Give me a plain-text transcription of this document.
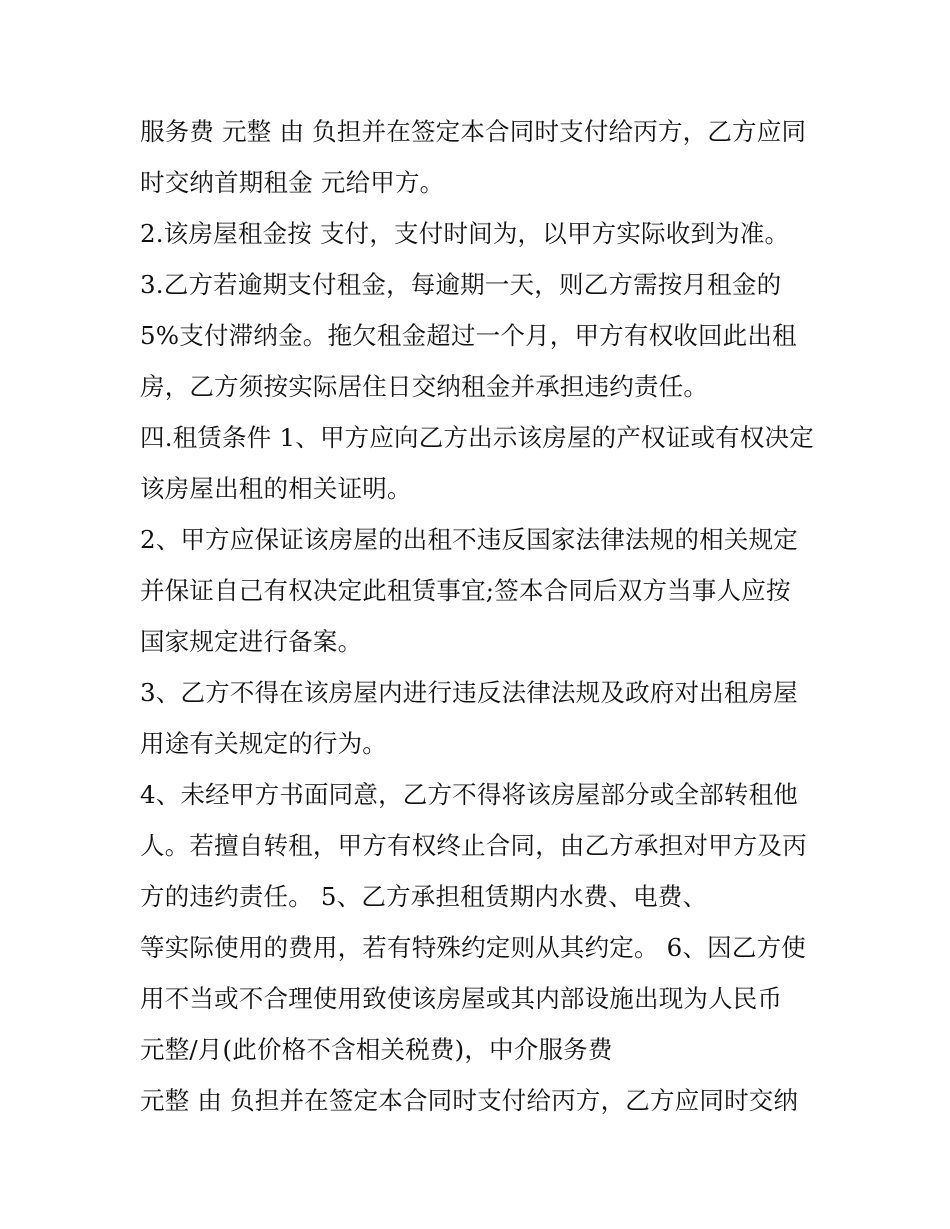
服务费 元整 由 负担并在签定本合同时支付给丙方，乙方应同
时交纳首期租金 元给甲方。
2.该房屋租金按 支付，支付时间为，以甲方实际收到为准。
3.乙方若逾期支付租金，每逾期一天，则乙方需按月租金的
5%支付滞纳金。拖欠租金超过一个月，甲方有权收回此出租
房，乙方须按实际居住日交纳租金并承担违约责任。
四.租赁条件 1、甲方应向乙方出示该房屋的产权证或有权决定
该房屋出租的相关证明。
2、甲方应保证该房屋的出租不违反国家法律法规的相关规定
并保证自己有权决定此租赁事宜;签本合同后双方当事人应按
国家规定进行备案。
3、乙方不得在该房屋内进行违反法律法规及政府对出租房屋
用途有关规定的行为。
4、未经甲方书面同意，乙方不得将该房屋部分或全部转租他
人。若擅自转租，甲方有权终止合同，由乙方承担对甲方及丙
方的违约责任。 5、乙方承担租赁期内水费、电费、
等实际使用的费用，若有特殊约定则从其约定。 6、因乙方使
用不当或不合理使用致使该房屋或其内部设施出现为人民币
元整/月(此价格不含相关税费)，中介服务费
元整 由 负担并在签定本合同时支付给丙方，乙方应同时交纳
